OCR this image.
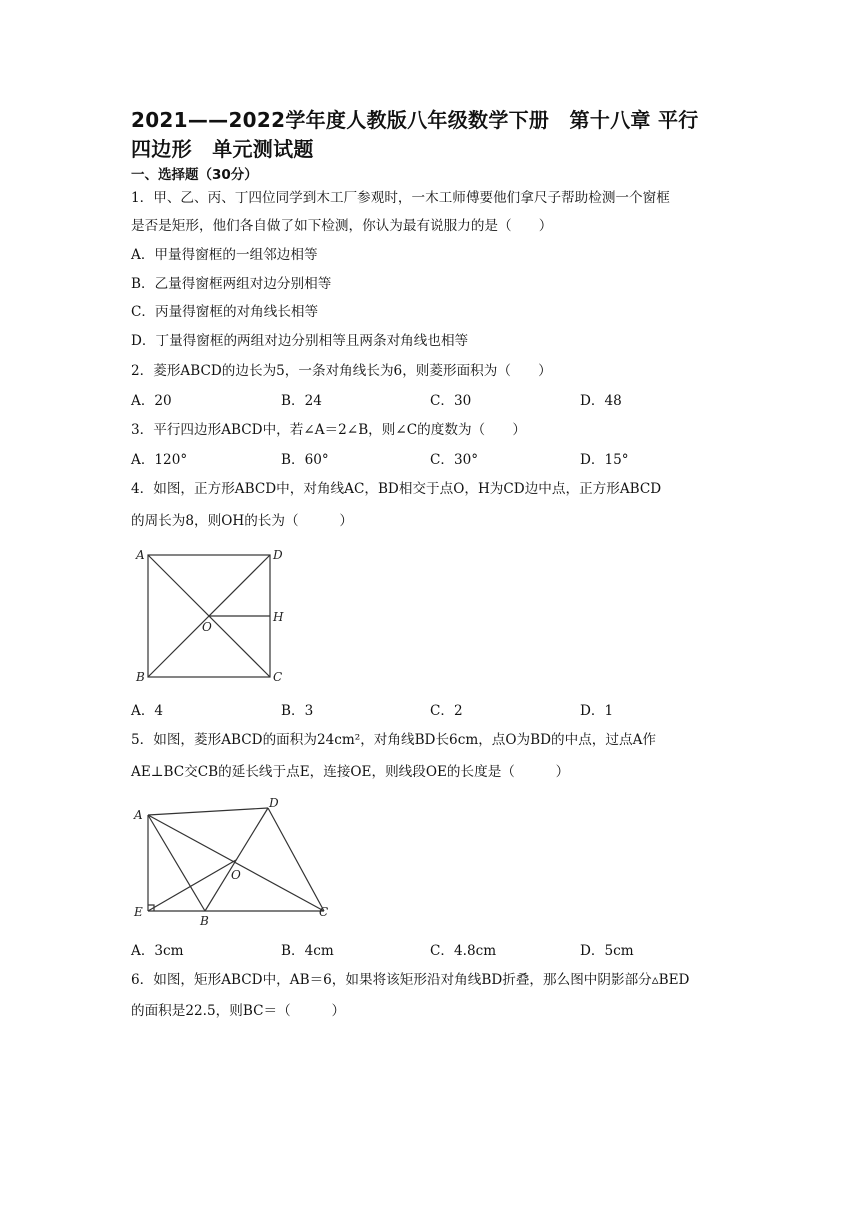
2021——2022学年度人教版八年级数学下册　第十八章 平行
四边形　单元测试题
一、选择题（30分）
1．甲、乙、丙、丁四位同学到木工厂参观时，一木工师傅要他们拿尺子帮助检测一个窗框
是否是矩形，他们各自做了如下检测，你认为最有说服力的是（　　）
A．甲量得窗框的一组邻边相等
B．乙量得窗框两组对边分别相等
C．丙量得窗框的对角线长相等
D．丁量得窗框的两组对边分别相等且两条对角线也相等
2．菱形ABCD的边长为5，一条对角线长为6，则菱形面积为（　　）
A．20	B．24	C．30	D．48
3．平行四边形ABCD中，若∠A＝2∠B，则∠C的度数为（　　）
A．120°	B．60°	C．30°	D．15°
4．如图，正方形ABCD中，对角线AC，BD相交于点O，H为CD边中点，正方形ABCD
的周长为8，则OH的长为（　　　）
A	D
H
O
B	C
A．4	B．3	C．2	D．1
5．如图，菱形ABCD的面积为24cm²，对角线BD长6cm，点O为BD的中点，过点A作
AE⊥BC交CB的延长线于点E，连接OE，则线段OE的长度是（　　　）
A
D
O
E
B
C
A．3cm	B．4cm	C．4.8cm	D．5cm
6．如图，矩形ABCD中，AB＝6，如果将该矩形沿对角线BD折叠，那么图中阴影部分▵BED
的面积是22.5，则BC＝（　　　）
